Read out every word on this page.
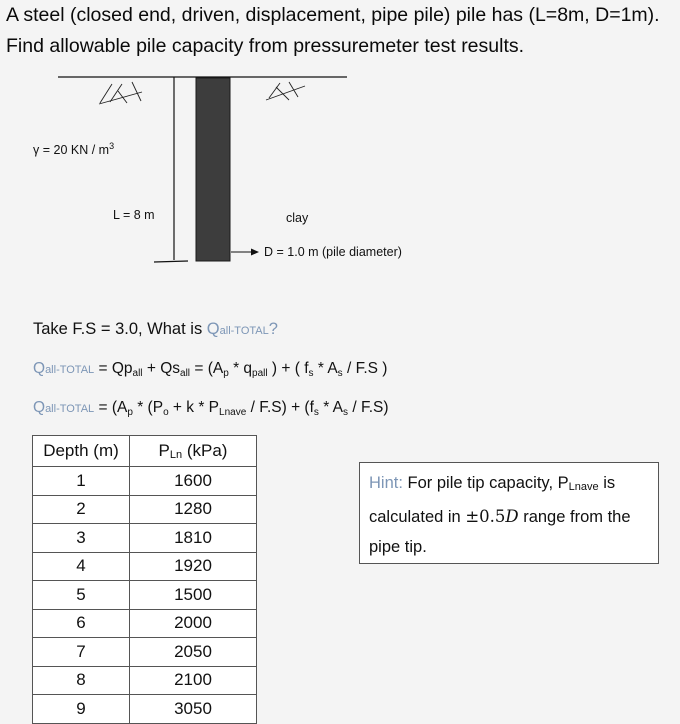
A steel (closed end, driven, displacement, pipe pile) pile has (L=8m, D=1m). Find allowable pile capacity from pressuremeter test results.
γ = 20 KN / $m^3$
L = 8 m	clay
D = 1.0 m (pile diameter)
Take F.S = 3.0, What is Qall-TOTAL?
Qall-TOTAL = $Qp_{all} + Qs_{all} = (A_p * q_{pall}$ ) + ( $f_s * A_s / F.S$ )
Qall-TOTAL = ($A_p * (P_o + k * P_{Lnave} / F.S) + (f_s * A_s / F.S)$
Depth (m)	PLn (kPa)
1	1600
2	1280
3	1810
4	1920
5	1500
6	2000
7	2050
8	2100
9	3050
Hint: For pile tip capacity, PLnave is calculated in ±0.5D range from the pipe tip.
